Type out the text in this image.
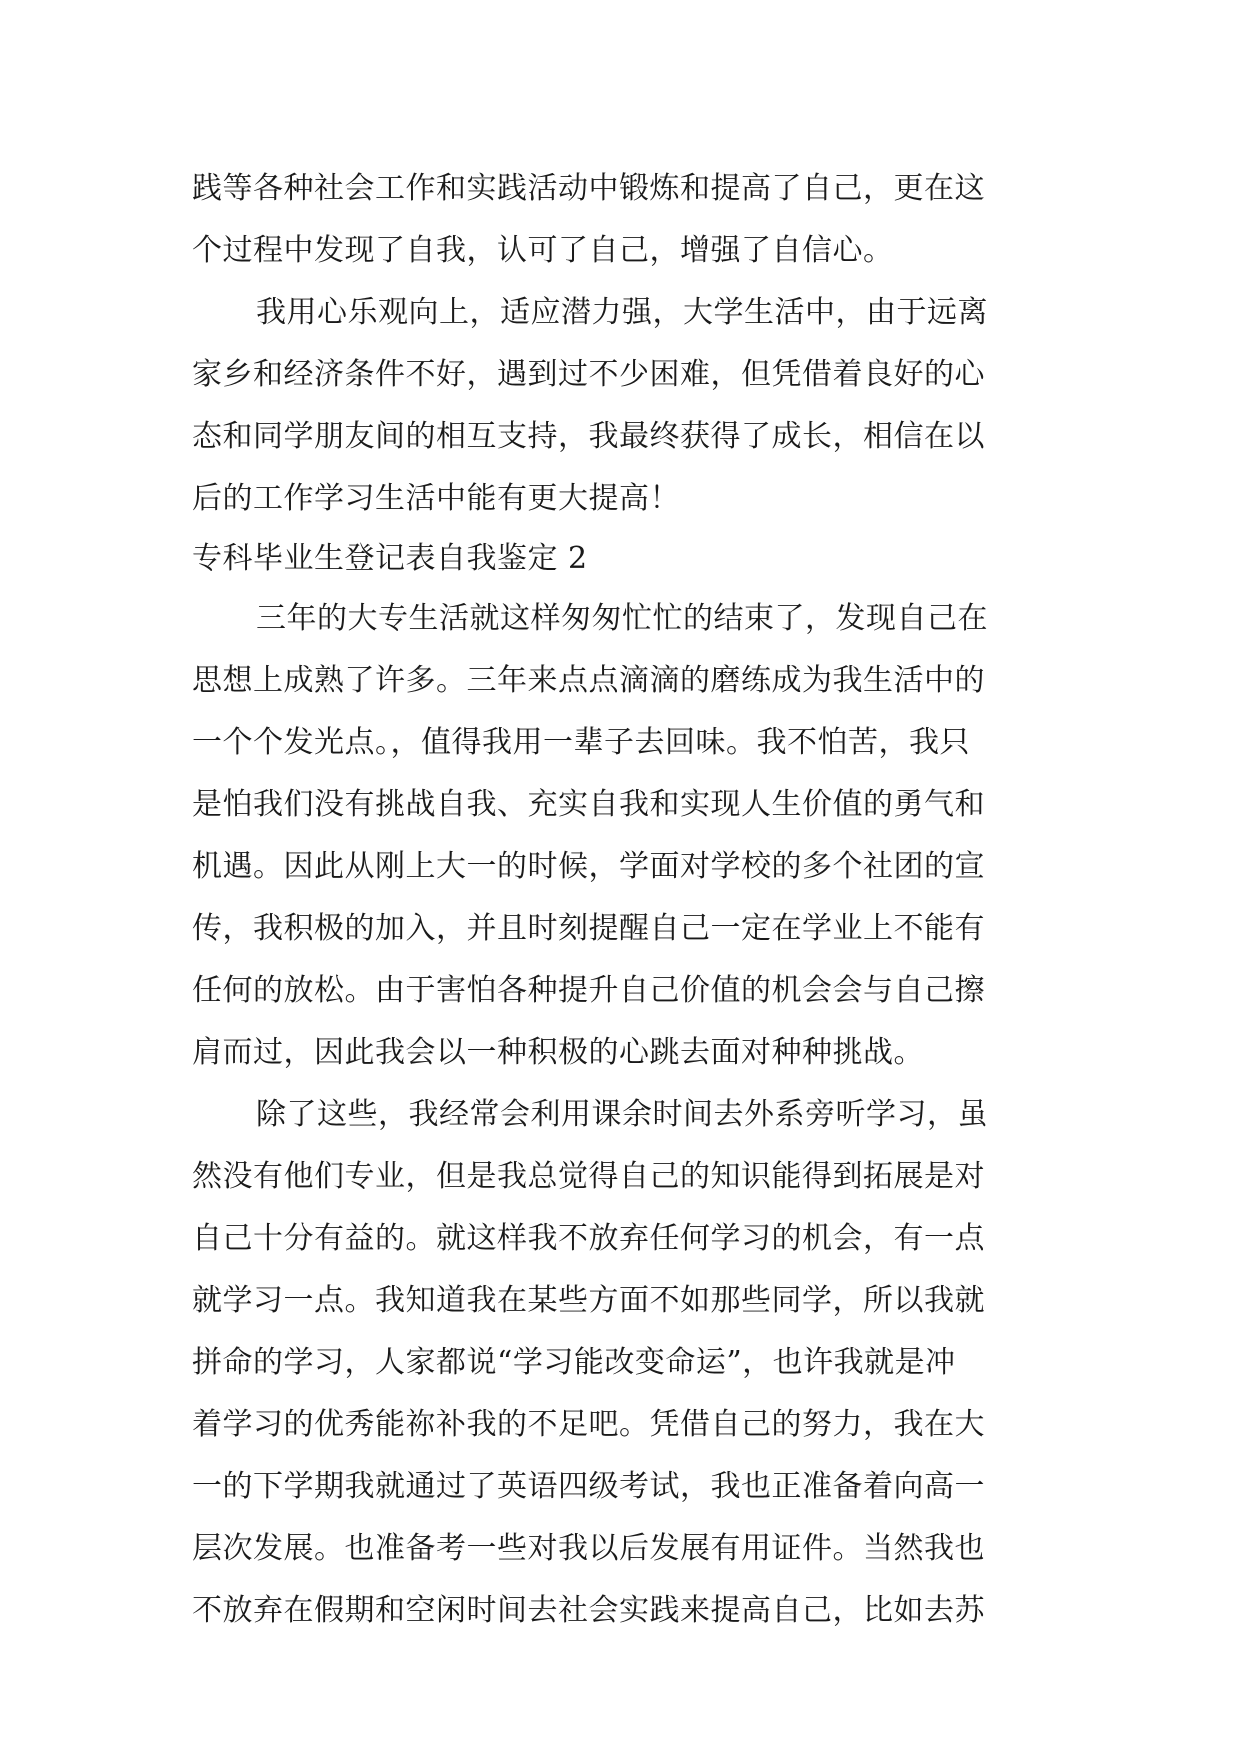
践等各种社会工作和实践活动中锻炼和提高了自己，更在这
个过程中发现了自我，认可了自己，增强了自信心。
我用心乐观向上，适应潜力强，大学生活中，由于远离
家乡和经济条件不好，遇到过不少困难，但凭借着良好的心
态和同学朋友间的相互支持，我最终获得了成长，相信在以
后的工作学习生活中能有更大提高！
专科毕业生登记表自我鉴定 2
三年的大专生活就这样匆匆忙忙的结束了，发现自己在
思想上成熟了许多。三年来点点滴滴的磨练成为我生活中的
一个个发光点。，值得我用一辈子去回味。我不怕苦，我只
是怕我们没有挑战自我、充实自我和实现人生价值的勇气和
机遇。因此从刚上大一的时候，学面对学校的多个社团的宣
传，我积极的加入，并且时刻提醒自己一定在学业上不能有
任何的放松。由于害怕各种提升自己价值的机会会与自己擦
肩而过，因此我会以一种积极的心跳去面对种种挑战。
除了这些，我经常会利用课余时间去外系旁听学习，虽
然没有他们专业，但是我总觉得自己的知识能得到拓展是对
自己十分有益的。就这样我不放弃任何学习的机会，有一点
就学习一点。我知道我在某些方面不如那些同学，所以我就
拼命的学习，人家都说“学习能改变命运”，也许我就是冲
着学习的优秀能祢补我的不足吧。凭借自己的努力，我在大
一的下学期我就通过了英语四级考试，我也正准备着向高一
层次发展。也准备考一些对我以后发展有用证件。当然我也
不放弃在假期和空闲时间去社会实践来提高自己，比如去苏
